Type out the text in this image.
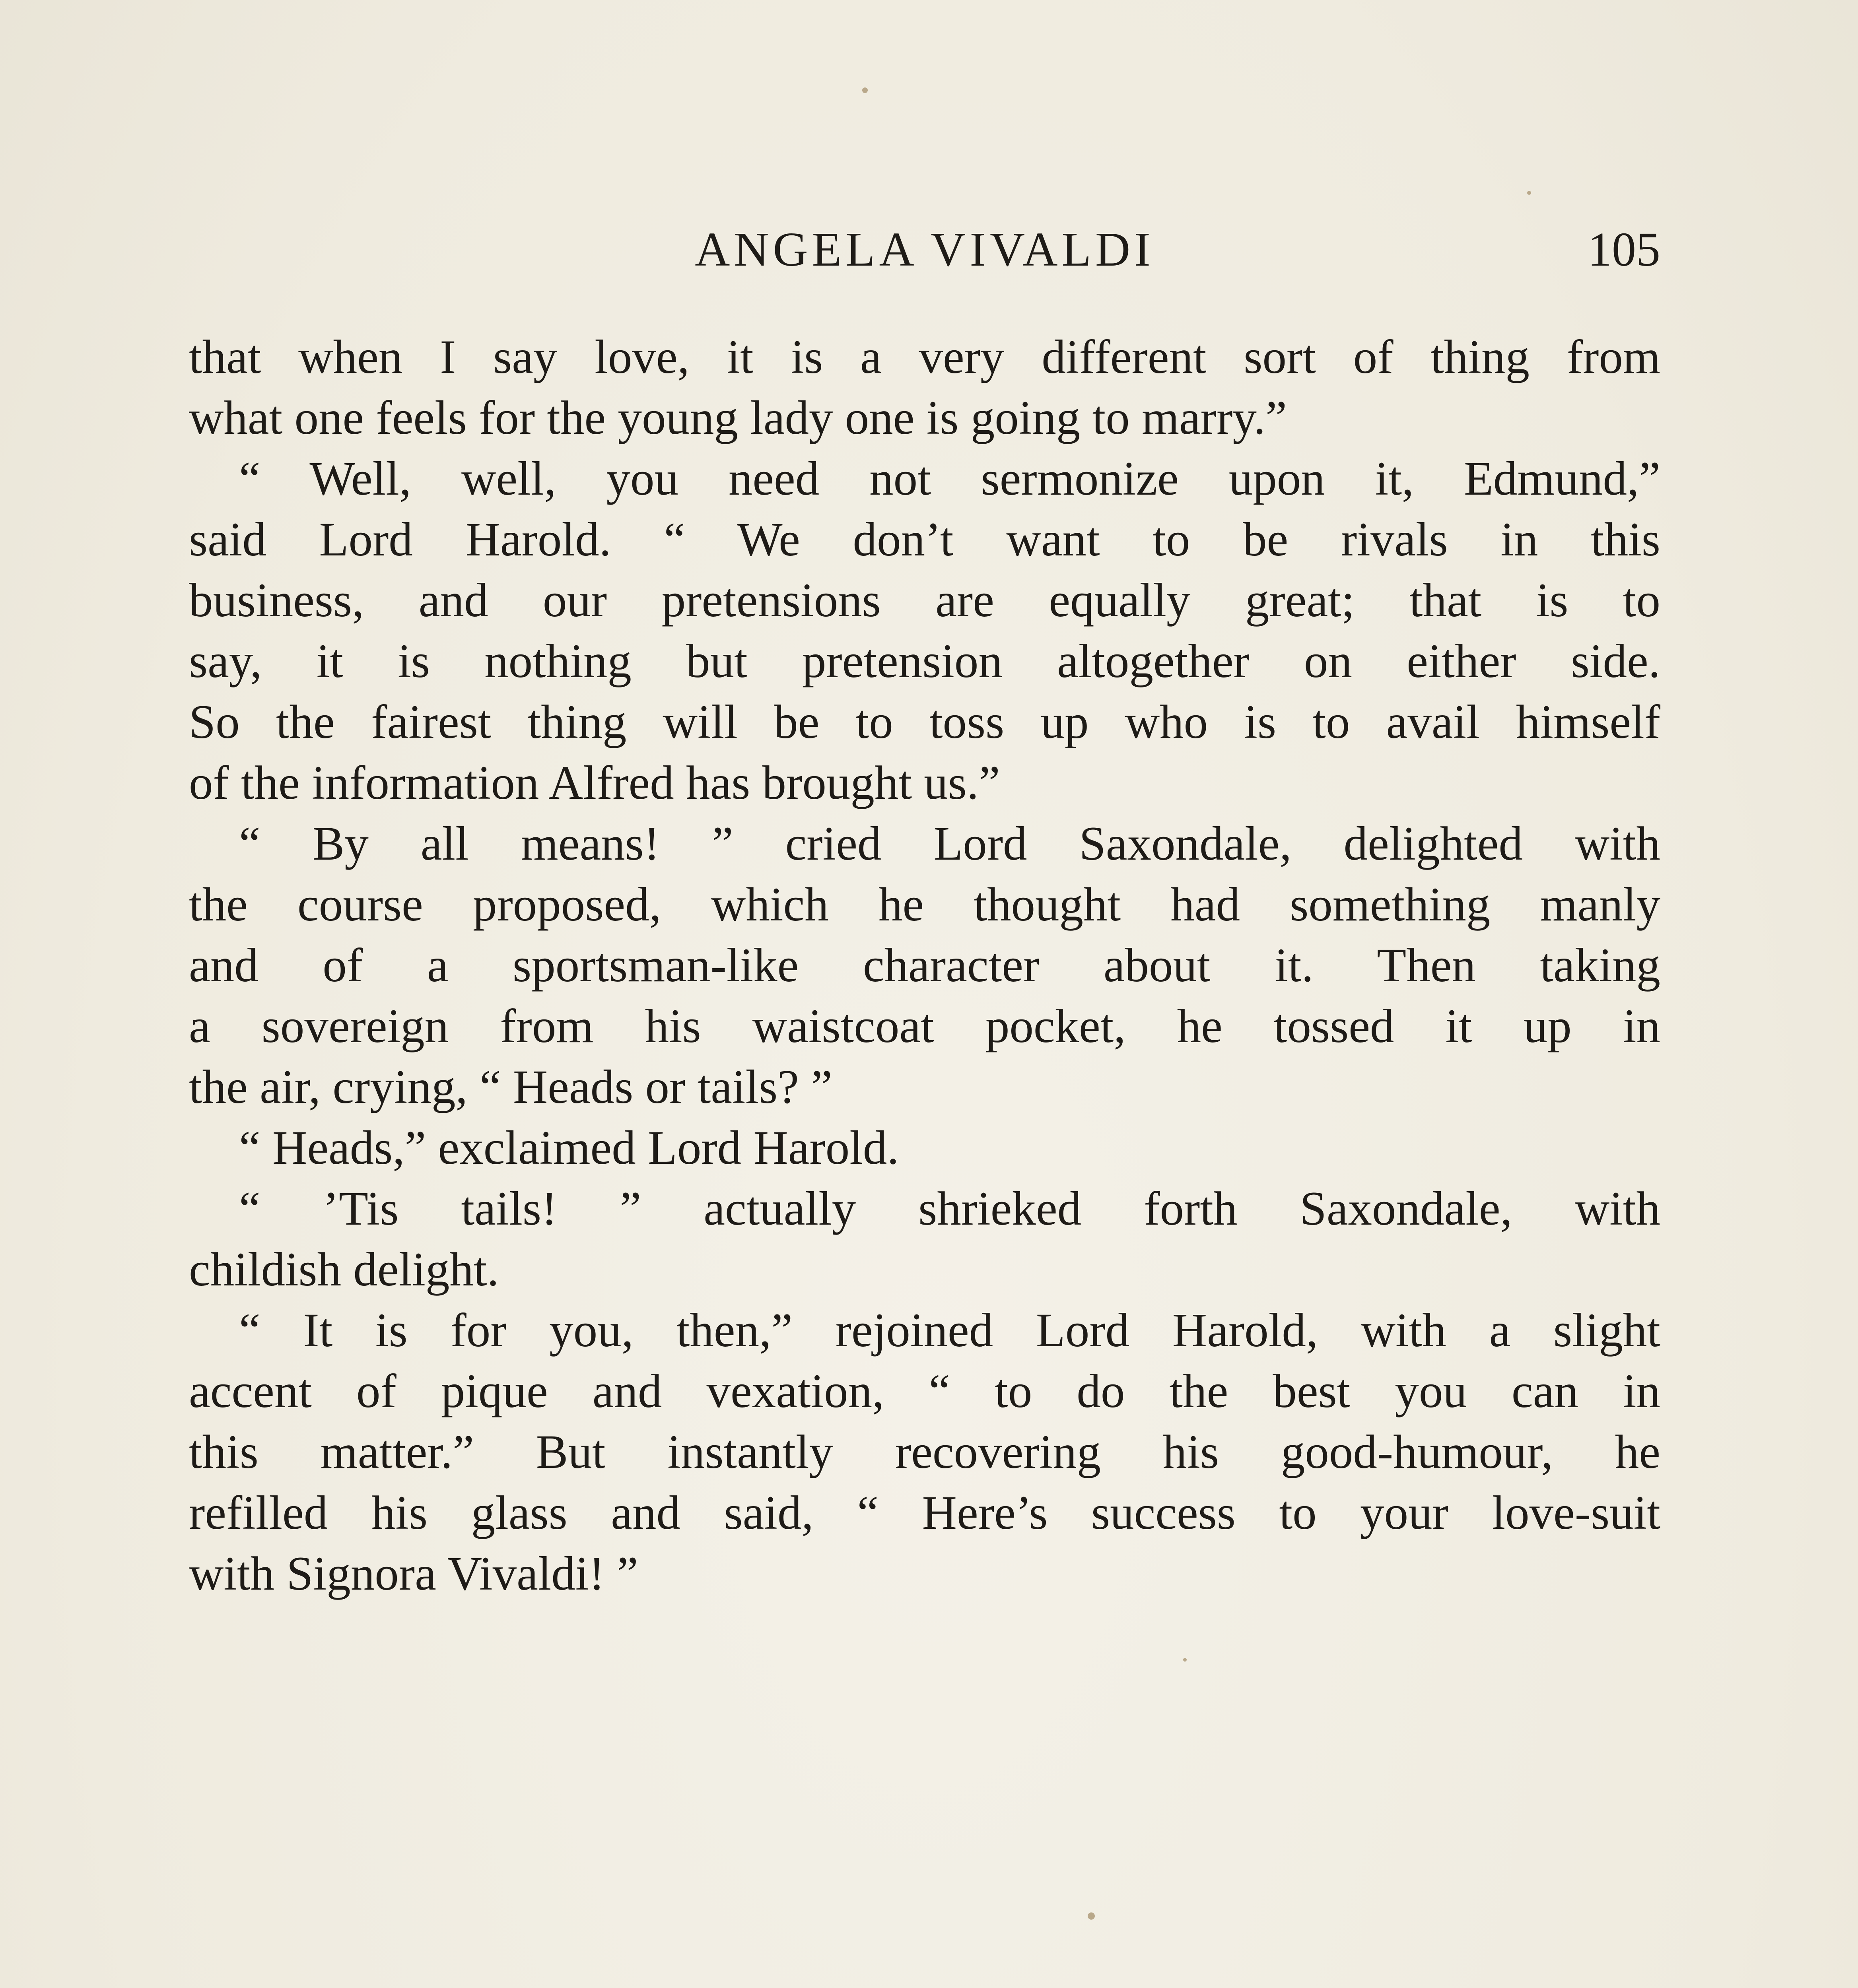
ANGELA VIVALDI	105
that when I say love, it is a very different sort of thing from
what one feels for the young lady one is going to marry.”
“ Well, well, you need not sermonize upon it, Edmund,”
said Lord Harold. “ We don’t want to be rivals in this
business, and our pretensions are equally great; that is to
say, it is nothing but pretension altogether on either side.
So the fairest thing will be to toss up who is to avail himself
of the information Alfred has brought us.”
“ By all means! ” cried Lord Saxondale, delighted with
the course proposed, which he thought had something manly
and of a sportsman-like character about it. Then taking
a sovereign from his waistcoat pocket, he tossed it up in
the air, crying, “ Heads or tails? ”
“ Heads,” exclaimed Lord Harold.
“ ’Tis tails! ” actually shrieked forth Saxondale, with
childish delight.
“ It is for you, then,” rejoined Lord Harold, with a slight
accent of pique and vexation, “ to do the best you can in
this matter.” But instantly recovering his good-humour, he
refilled his glass and said, “ Here’s success to your love-suit
with Signora Vivaldi! ”
